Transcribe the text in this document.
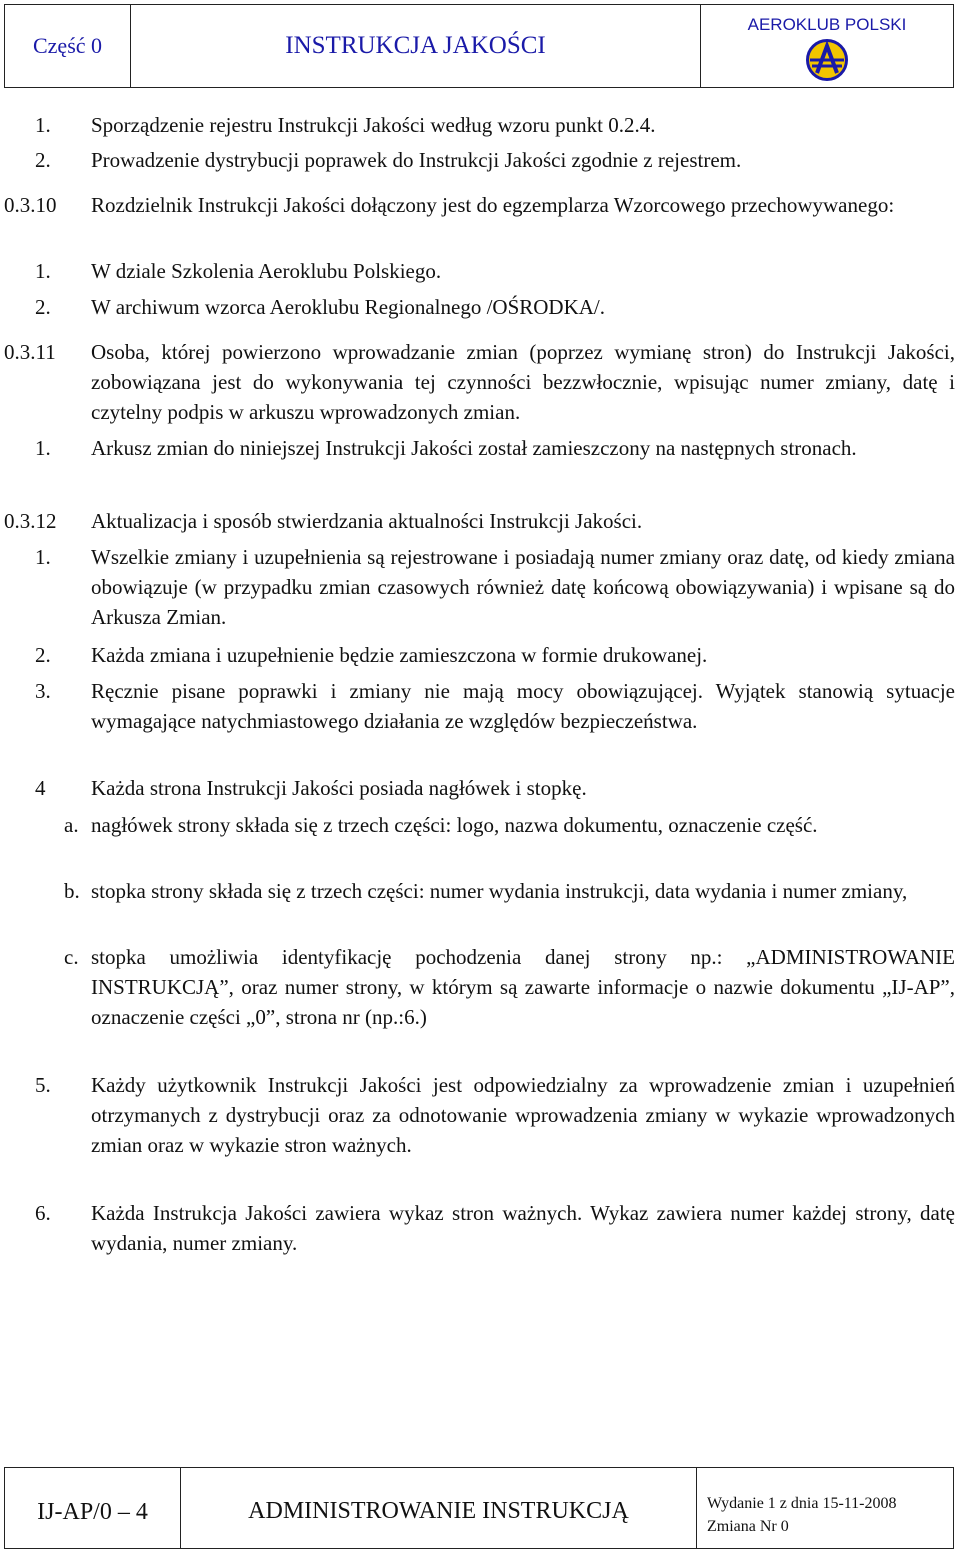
Część 0	INSTRUKCJA JAKOŚCI
AEROKLUB POLSKI
1. Sporządzenie rejestru Instrukcji Jakości według wzoru punkt 0.2.4.
2. Prowadzenie dystrybucji poprawek do Instrukcji Jakości zgodnie z rejestrem.
0.3.10 Rozdzielnik Instrukcji Jakości dołączony jest do egzemplarza Wzorcowego przechowywanego:
1. W dziale Szkolenia Aeroklubu Polskiego.
2. W archiwum wzorca Aeroklubu Regionalnego /OŚRODKA/.
0.3.11 Osoba, której powierzono wprowadzanie zmian (poprzez wymianę stron) do Instrukcji Jakości, zobowiązana jest do wykonywania tej czynności bezzwłocznie, wpisując numer zmiany, datę i czytelny podpis w arkuszu wprowadzonych zmian.
1. Arkusz zmian do niniejszej Instrukcji Jakości został zamieszczony na następnych stronach.
0.3.12 Aktualizacja i sposób stwierdzania aktualności Instrukcji Jakości.
1. Wszelkie zmiany i uzupełnienia są rejestrowane i posiadają numer zmiany oraz datę, od kiedy zmiana obowiązuje (w przypadku zmian czasowych również datę końcową obowiązywania) i wpisane są do Arkusza Zmian.
2. Każda zmiana i uzupełnienie będzie zamieszczona w formie drukowanej.
3. Ręcznie pisane poprawki i zmiany nie mają mocy obowiązującej. Wyjątek stanowią sytuacje wymagające natychmiastowego działania ze względów bezpieczeństwa.
4 Każda strona Instrukcji Jakości posiada nagłówek i stopkę.
a. nagłówek strony składa się z trzech części: logo, nazwa dokumentu, oznaczenie część.
b. stopka strony składa się z trzech części: numer wydania instrukcji, data wydania i numer zmiany,
c. stopka umożliwia identyfikację pochodzenia danej strony np.: „ADMINISTROWANIE INSTRUKCJĄ”, oraz numer strony, w którym są zawarte informacje o nazwie dokumentu „IJ-AP”, oznaczenie części „0”, strona nr (np.:6.)
5. Każdy użytkownik Instrukcji Jakości jest odpowiedzialny za wprowadzenie zmian i uzupełnień otrzymanych z dystrybucji oraz za odnotowanie wprowadzenia zmiany w wykazie wprowadzonych zmian oraz w wykazie stron ważnych.
6. Każda Instrukcja Jakości zawiera wykaz stron ważnych. Wykaz zawiera numer każdej strony, datę wydania, numer zmiany.
IJ-AP/0 – 4	ADMINISTROWANIE INSTRUKCJĄ	Wydanie 1 z dnia 15-11-2008
Zmiana Nr 0
